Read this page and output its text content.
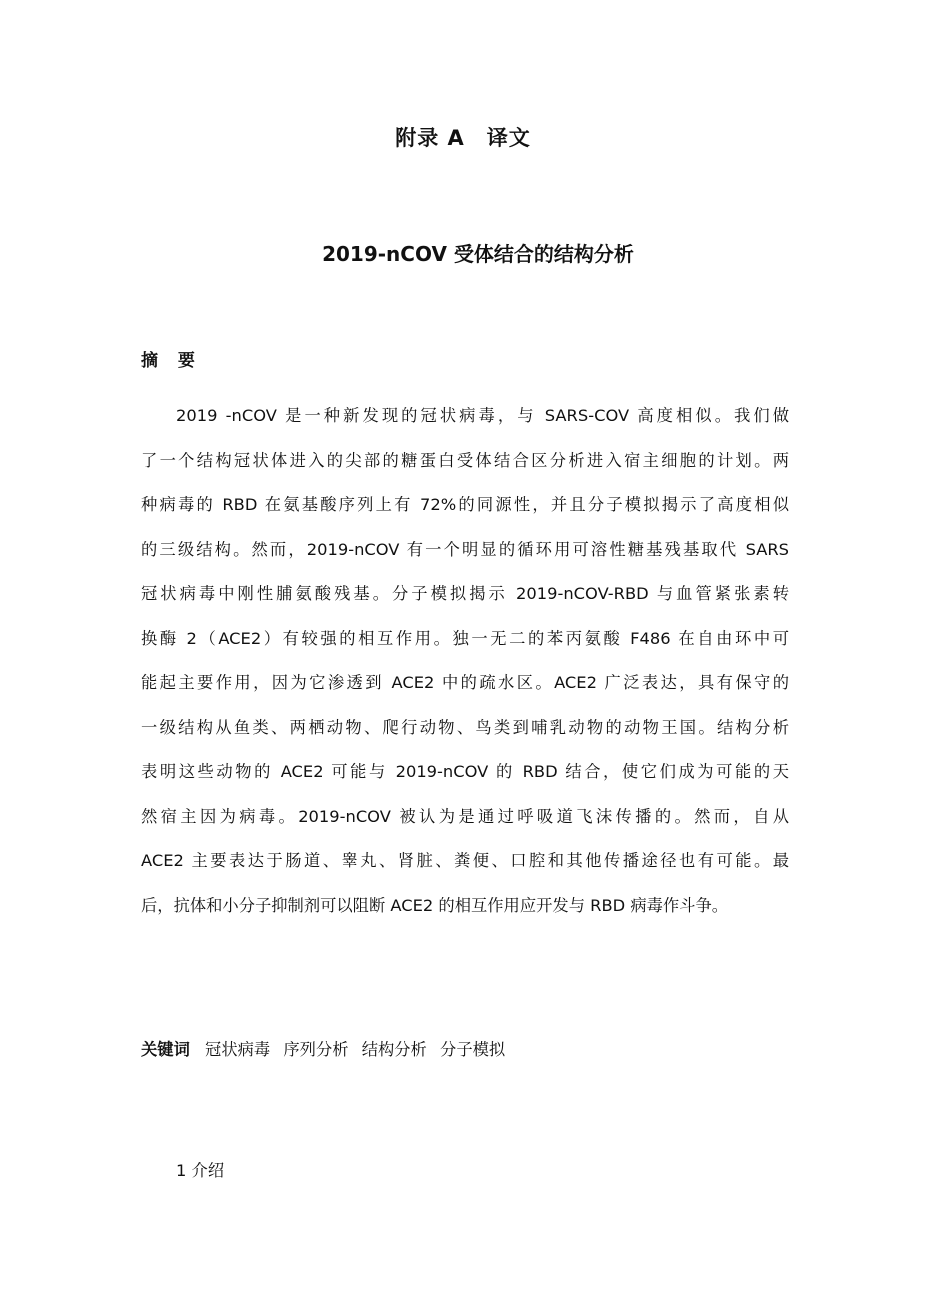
附录 A 译文
2019-nCOV 受体结合的结构分析
摘 要
2019 -nCOV 是一种新发现的冠状病毒，与 SARS-COV 高度相似。我们做
了一个结构冠状体进入的尖部的糖蛋白受体结合区分析进入宿主细胞的计划。两
种病毒的 RBD 在氨基酸序列上有 72%的同源性，并且分子模拟揭示了高度相似
的三级结构。然而，2019-nCOV 有一个明显的循环用可溶性糖基残基取代 SARS
冠状病毒中刚性脯氨酸残基。分子模拟揭示 2019-nCOV-RBD 与血管紧张素转
换酶 2（ACE2）有较强的相互作用。独一无二的苯丙氨酸 F486 在自由环中可
能起主要作用，因为它渗透到 ACE2 中的疏水区。ACE2 广泛表达，具有保守的
一级结构从鱼类、两栖动物、爬行动物、鸟类到哺乳动物的动物王国。结构分析
表明这些动物的 ACE2 可能与 2019-nCOV 的 RBD 结合，使它们成为可能的天
然宿主因为病毒。2019-nCOV 被认为是通过呼吸道飞沫传播的。然而，自从
ACE2 主要表达于肠道、睾丸、肾脏、粪便、口腔和其他传播途径也有可能。最
后，抗体和小分子抑制剂可以阻断 ACE2 的相互作用应开发与 RBD 病毒作斗争。
关键词 冠状病毒 序列分析 结构分析 分子模拟
1 介绍
